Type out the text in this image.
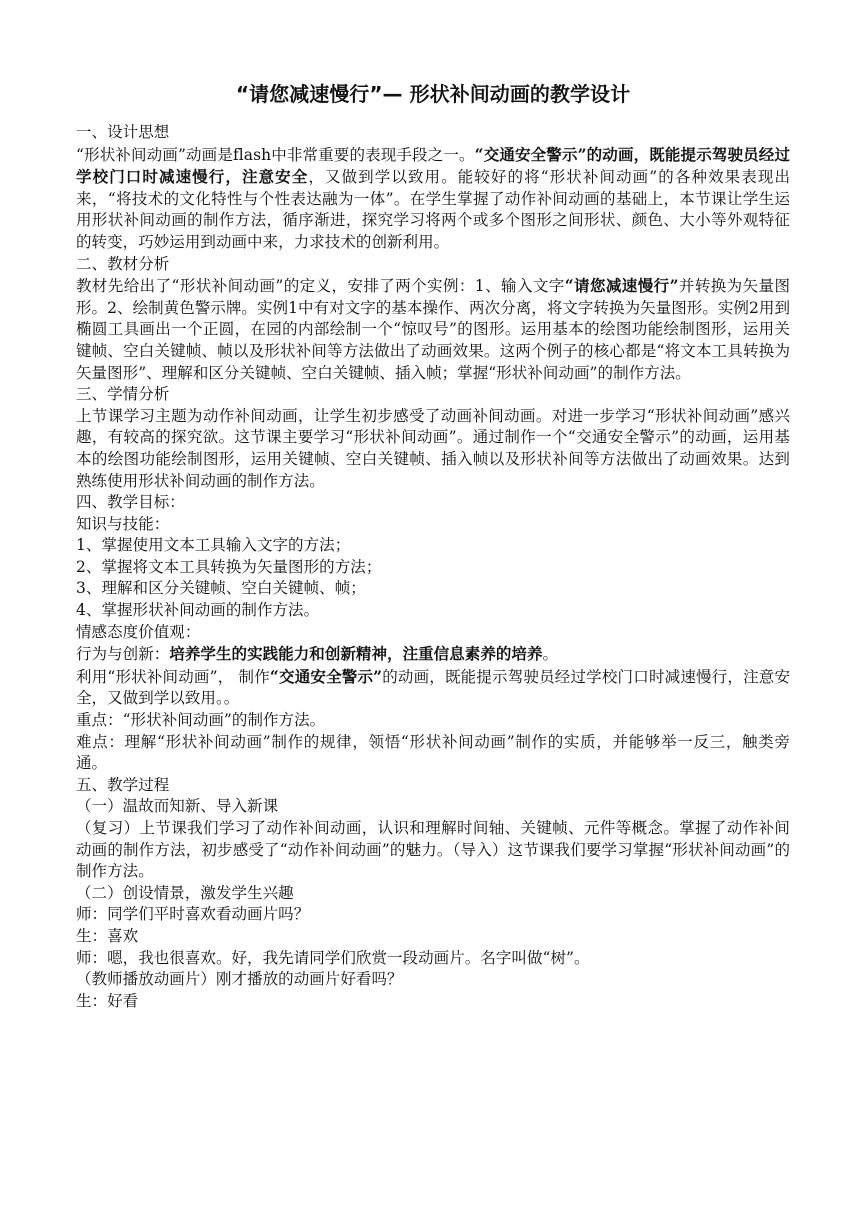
“请您减速慢行”— 形状补间动画的教学设计

一、设计思想

“形状补间动画”动画是flash中非常重要的表现手段之一。“交通安全警示”的动画，既能提示驾驶员经过学校门口时减速慢行，注意安全，又做到学以致用。能较好的将“形状补间动画”的各种效果表现出来，“将技术的文化特性与个性表达融为一体”。在学生掌握了动作补间动画的基础上，本节课让学生运用形状补间动画的制作方法，循序渐进，探究学习将两个或多个图形之间形状、颜色、大小等外观特征的转变，巧妙运用到动画中来，力求技术的创新利用。

二、教材分析

教材先给出了“形状补间动画”的定义，安排了两个实例：1、输入文字“请您减速慢行”并转换为矢量图形。2、绘制黄色警示牌。实例1中有对文字的基本操作、两次分离，将文字转换为矢量图形。实例2用到椭圆工具画出一个正圆，在园的内部绘制一个“惊叹号”的图形。运用基本的绘图功能绘制图形，运用关键帧、空白关键帧、帧以及形状补间等方法做出了动画效果。这两个例子的核心都是“将文本工具转换为矢量图形”、理解和区分关键帧、空白关键帧、插入帧；掌握“形状补间动画”的制作方法。

三、学情分析

上节课学习主题为动作补间动画，让学生初步感受了动画补间动画。对进一步学习“形状补间动画”感兴趣，有较高的探究欲。这节课主要学习“形状补间动画”。通过制作一个“交通安全警示”的动画，运用基本的绘图功能绘制图形，运用关键帧、空白关键帧、插入帧以及形状补间等方法做出了动画效果。达到熟练使用形状补间动画的制作方法。

四、教学目标：

知识与技能：

1、掌握使用文本工具输入文字的方法；

2、掌握将文本工具转换为矢量图形的方法；

3、理解和区分关键帧、空白关键帧、帧；

4、掌握形状补间动画的制作方法。

情感态度价值观：

行为与创新：培养学生的实践能力和创新精神，注重信息素养的培养。

利用“形状补间动画”， 制作“交通安全警示”的动画，既能提示驾驶员经过学校门口时减速慢行，注意安全，又做到学以致用。。

重点：“形状补间动画”的制作方法。

难点：理解“形状补间动画”制作的规律，领悟“形状补间动画”制作的实质，并能够举一反三，触类旁通。

五、教学过程

（一）温故而知新、导入新课

（复习）上节课我们学习了动作补间动画，认识和理解时间轴、关键帧、元件等概念。掌握了动作补间动画的制作方法，初步感受了“动作补间动画”的魅力。（导入）这节课我们要学习掌握“形状补间动画”的制作方法。

（二）创设情景，激发学生兴趣

师：同学们平时喜欢看动画片吗？

生：喜欢

师：嗯，我也很喜欢。好，我先请同学们欣赏一段动画片。名字叫做“树”。

（教师播放动画片）刚才播放的动画片好看吗？

生：好看
